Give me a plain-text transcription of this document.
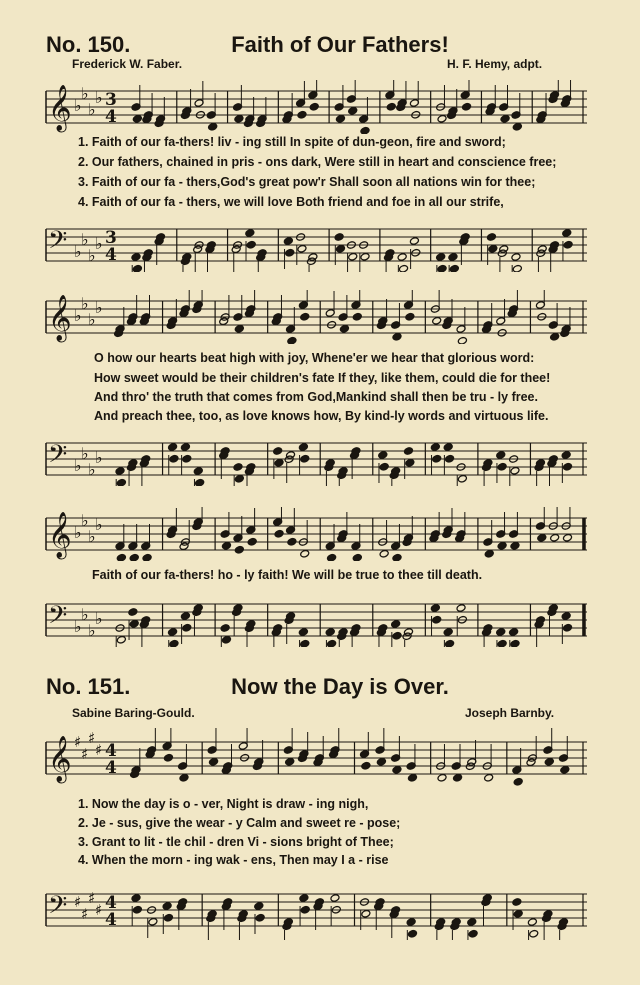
No. 150.	Faith of Our Fathers!
Frederick W. Faber.	H. F. Hemy, adpt.
𝄞 ♭
♭
♭
♭ 3
4
1. Faith of our fa-thers! liv - ing still In spite of dun-geon, fire and sword;
2. Our fathers, chained in pris - ons dark, Were still in heart and conscience free;
3. Faith of our fa - thers,God's great pow'r Shall soon all nations win for thee;
4. Faith of our fa - thers, we will love Both friend and foe in all our strife,
𝄢 ♭
♭
♭
♭ 3
4
𝄞 ♭
♭
♭
♭
O how our hearts beat high with joy, Whene'er we hear that glorious word:
How sweet would be their children's fate If they, like them, could die for thee!
And thro' the truth that comes from God,Mankind shall then be tru - ly free.
And preach thee, too, as love knows how, By kind-ly words and virtuous life.
𝄢 ♭
♭
♭
♭
𝄞 ♭
♭
♭
♭
Faith of our fa-thers! ho - ly faith! We will be true to thee till death.
𝄢 ♭
♭
♭
♭
No. 151.	Now the Day is Over.
Sabine Baring-Gould.	Joseph Barnby.
𝄞 ♯
♯
♯
♯ 4
4
1. Now the day is o - ver, Night is draw - ing nigh,
2. Je - sus, give the wear - y Calm and sweet re - pose;
3. Grant to lit - tle chil - dren Vi - sions bright of Thee;
4. When the morn - ing wak - ens, Then may I a - rise
𝄢 ♯
♯
♯
♯ 4
4
